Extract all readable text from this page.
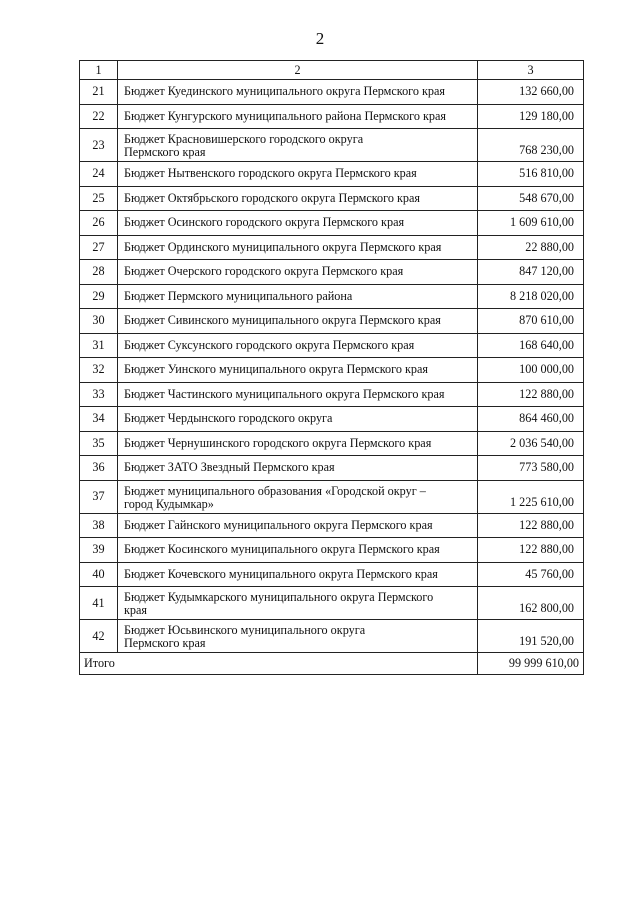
2
1	2	3
21	Бюджет Куединского муниципального округа Пермского края	132 660,00
22	Бюджет Кунгурского муниципального района Пермского края	129 180,00
23	Бюджет Красновишерского городского округа
Пермского края	768 230,00
24	Бюджет Нытвенского городского округа Пермского края	516 810,00
25	Бюджет Октябрьского городского округа Пермского края	548 670,00
26	Бюджет Осинского городского округа Пермского края	1 609 610,00
27	Бюджет Ординского муниципального округа Пермского края	22 880,00
28	Бюджет Очерского городского округа Пермского края	847 120,00
29	Бюджет Пермского муниципального района	8 218 020,00
30	Бюджет Сивинского муниципального округа Пермского края	870 610,00
31	Бюджет Суксунского городского округа Пермского края	168 640,00
32	Бюджет Уинского муниципального округа Пермского края	100 000,00
33	Бюджет Частинского муниципального округа Пермского края	122 880,00
34	Бюджет Чердынского городского округа	864 460,00
35	Бюджет Чернушинского городского округа Пермского края	2 036 540,00
36	Бюджет ЗАТО Звездный Пермского края	773 580,00
37	Бюджет муниципального образования «Городской округ –
город Кудымкар»	1 225 610,00
38	Бюджет Гайнского муниципального округа Пермского края	122 880,00
39	Бюджет Косинского муниципального округа Пермского края	122 880,00
40	Бюджет Кочевского муниципального округа Пермского края	45 760,00
41	Бюджет Кудымкарского муниципального округа Пермского
края	162 800,00
42	Бюджет Юсьвинского муниципального округа
Пермского края	191 520,00
Итого		99 999 610,00
